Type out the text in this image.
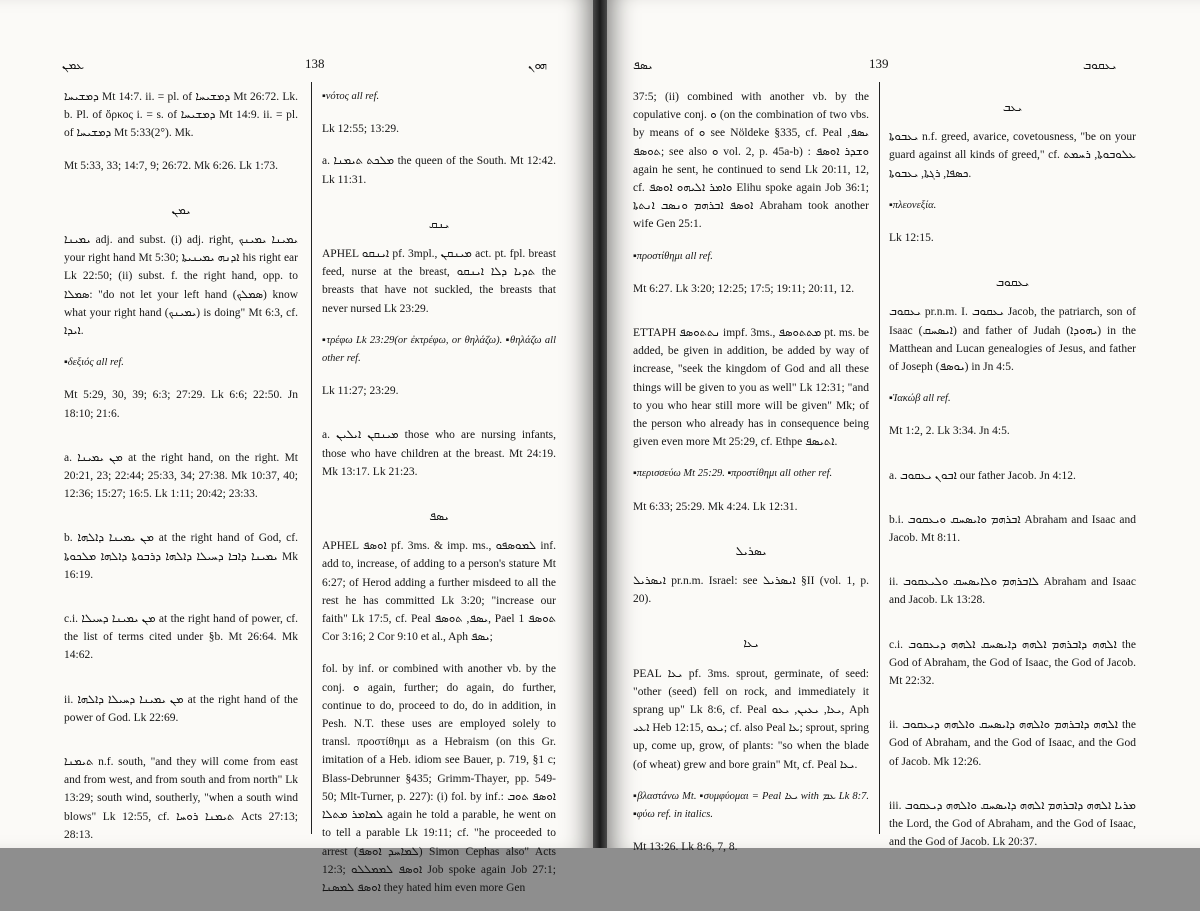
ܥܡܢ	138	ܗܘܢ

ܕܡܫܝܚܐ Mt 14:7. ii. = pl. of ܕܡܫܝܚܐ Mt 26:72. Lk. b. Pl. of ὅρκος i. = s. of ܕܡܫܝܚܐ Mt 14:9. ii. = pl. of ܕܡܫܝܚܐ Mt 5:33(2°). Mk.

Mt 5:33, 33; 14:7, 9; 26:72. Mk 6:26. Lk 1:73.

ܝܡܢ

ܝܡܝܢܐ adj. and subst. (i) adj. right, ܝܡܝܢܐ ܝܡܝܢܟ your right hand Mt 5:30; ܐܕܢܗ ܝܡܝܢܝܬܐ his right ear Lk 22:50; (ii) subst. f. the right hand, opp. to ܣܡܠܐ: "do not let your left hand (ܣܡܠܟ) know what your right hand (ܝܡܝܢܟ) is doing" Mt 6:3, cf. ܐܝܕܐ.

▪δεξιός all ref.

Mt 5:29, 30, 39; 6:3; 27:29. Lk 6:6; 22:50. Jn 18:10; 21:6.

a. ܡܢ ܝܡܝܢܐ at the right hand, on the right. Mt 20:21, 23; 22:44; 25:33, 34; 27:38. Mk 10:37, 40; 12:36; 15:27; 16:5. Lk 1:11; 20:42; 23:33.

b. ܡܢ ܝܡܝܢܐ ܕܐܠܗܐ at the right hand of God, cf. ܝܡܝܢܐ ܕܐܒܐ ܕܚܝܠܐ ܕܐܠܗܐ ܕܪܒܘܬܐ ܕܐܠܗܐ ܡܠܟܘܬܐ Mk 16:19.

c.i. ܡܢ ܝܡܝܢܐ ܕܚܝܠܐ at the right hand of power, cf. the list of terms cited under §b. Mt 26:64. Mk 14:62.

ii. ܡܢ ܝܡܝܢܐ ܕܚܝܠܐ ܕܐܠܗܐ at the right hand of the power of God. Lk 22:69.

ܬܝܡܢܐ n.f. south, "and they will come from east and from west, and from south and from north" Lk 13:29; south wind, southerly, "when a south wind blows" Lk 12:55, cf. ܬܝܡܢܐ ܪܘܚܐ Acts 27:13; 28:13.

▪νότος all ref.

Lk 12:55; 13:29.

a. ܡܠܟܬ ܬܝܡܢܐ the queen of the South. Mt 12:42. Lk 11:31.

ܝܢܩ

APHEL ܐܝܢܩܘ pf. 3mpl., ܡܝܢܩܢ act. pt. fpl. breast feed, nurse at the breast, ܬܕܝܐ ܕܠܐ ܐܝܢܩܘ the breasts that have not suckled, the breasts that never nursed Lk 23:29.

▪τρέφω Lk 23:29(or ἐκτρέφω, or θηλάζω). ▪θηλάζω all other ref.

Lk 11:27; 23:29.

a. ܡܝܢܩܢ ܐܝܠܝܢ those who are nursing infants, those who have children at the breast. Mt 24:19. Mk 13:17. Lk 21:23.

ܝܣܦ

APHEL ܐܘܣܦ pf. 3ms. & imp. ms., ܠܡܘܣܦܘ inf. add to, increase, of adding to a person's stature Mt 6:27; of Herod adding a further misdeed to all the rest he has committed Lk 3:20; "increase our faith" Lk 17:5, cf. Peal ܝܣܦ, ܬܘܣܦ, Pael ܬܘܣܦ 1 Cor 3:16; 2 Cor 9:10 et al., Aph ܝܣܦ;

fol. by inf. or combined with another vb. by the conj. ܘ again, further; do again, do further, continue to do, proceed to do, do in addition, in Pesh. N.T. these uses are employed solely to transl. προστίθημι as a Hebraism (on this Gr. imitation of a Heb. idiom see Bauer, p. 719, §1 c; Blass-Debrunner §435; Grimm-Thayer, pp. 549-50; Mlt-Turner, p. 227): (i) fol. by inf.: ܐܘܣܦ ܬܘܒ ܠܡܐܡܪ ܡܬܠܐ again he told a parable, he went on to tell a parable Lk 19:11; cf. "he proceeded to arrest (ܠܡܐܚܕ ܐܘܣܦ) Simon Cephas also" Acts 12:3; ܐܘܣܦ ܠܡܡܠܠܘ Job spoke again Job 27:1; ܐܘܣܦ ܠܡܣܢܐ they hated him even more Gen

ܝܣܦ	139	ܝܥܩܘܒ

37:5; (ii) combined with another vb. by the copulative conj. ܘ (on the combination of two vbs. by means of ܘ see Nöldeke §335, cf. Peal ܝܣܦ, ܬܘܣܦ; see also ܘ vol. 2, p. 45a-b) : ܘܫܕܪ ܐܘܣܦ again he sent, he continued to send Lk 20:11, 12, cf. ܘܐܡܪ ܐܠܝܗܘ ܐܘܣܦ Elihu spoke again Job 36:1; ܐܘܣܦ ܐܒܪܗܡ ܘܢܣܒ ܐܢܬܬܐ Abraham took another wife Gen 25:1.

▪προστίθημι all ref.

Mt 6:27. Lk 3:20; 12:25; 17:5; 19:11; 20:11, 12.

ETTAPH ܢܬܬܘܣܦ impf. 3ms., ܡܬܬܘܣܦ pt. ms. be added, be given in addition, be added by way of increase, "seek the kingdom of God and all these things will be given to you as well" Lk 12:31; "and to you who hear still more will be given" Mk; of the person who already has in consequence being given even more Mt 25:29, cf. Ethpe ܐܬܝܣܦ.

▪περισσεύω Mt 25:29. ▪προστίθημι all other ref.

Mt 6:33; 25:29. Mk 4:24. Lk 12:31.

ܝܣܪܝܠ

ܐܝܣܪܝܠ pr.n.m. Israel: see ܐܝܣܪܝܠ §II (vol. 1, p. 20).

ܝܥܐ

PEAL ܝܥܐ pf. 3ms. sprout, germinate, of seed: "other (seed) fell on rock, and immediately it sprang up" Lk 8:6, cf. Peal ܝܥܐ, ܝܥܝܢ, ܝܥܘ, Aph ܐܥܝ Heb 12:15, ܝܥܘ; cf. also Peal ܥܐ; sprout, spring up, come up, grow, of plants: "so when the blade (of wheat) grew and bore grain" Mt, cf. Peal ܝܥܐ.

▪βλαστάνω Mt. ▪συμφύομαι = Peal ܝܥܐ with ܥܡ Lk 8:7. ▪φύω ref. in italics.

Mt 13:26. Lk 8:6, 7, 8.

ܝܥܒ

ܝܥܒܘܬܐ n.f. greed, avarice, covetousness, "be on your guard against all kinds of greed," cf. ܥܠܘܒܘܬܐ, ܪܚܡܬ ܟܣܦܐ, ܪܓܬܐ, ܝܥܒܘܬܐ.

▪πλεονεξία.

Lk 12:15.

ܝܥܩܘܒ

ܝܥܩܘܒ pr.n.m. I. ܝܥܩܘܒ Jacob, the patriarch, son of Isaac (ܐܝܣܚܩ) and father of Judah (ܝܗܘܕܐ) in the Matthean and Lucan genealogies of Jesus, and father of Joseph (ܝܘܣܦ) in Jn 4:5.

▪Ἰακώβ all ref.

Mt 1:2, 2. Lk 3:34. Jn 4:5.

a. ܐܒܘܢ ܝܥܩܘܒ our father Jacob. Jn 4:12.

b.i. ܐܒܪܗܡ ܘܐܝܣܚܩ ܘܝܥܩܘܒ Abraham and Isaac and Jacob. Mt 8:11.

ii. ܠܐܒܪܗܡ ܘܠܐܝܣܚܩ ܘܠܝܥܩܘܒ Abraham and Isaac and Jacob. Lk 13:28.

c.i. ܐܠܗܗ ܕܐܒܪܗܡ ܐܠܗܗ ܕܐܝܣܚܩ ܐܠܗܗ ܕܝܥܩܘܒ the God of Abraham, the God of Isaac, the God of Jacob. Mt 22:32.

ii. ܐܠܗܗ ܕܐܒܪܗܡ ܘܐܠܗܗ ܕܐܝܣܚܩ ܘܐܠܗܗ ܕܝܥܩܘܒ the God of Abraham, and the God of Isaac, and the God of Jacob. Mk 12:26.

iii. ܡܪܝܐ ܐܠܗܗ ܕܐܒܪܗܡ ܐܠܗܗ ܕܐܝܣܚܩ ܘܐܠܗܗ ܕܝܥܩܘܒ the Lord, the God of Abraham, and the God of Isaac, and the God of Jacob. Lk 20:37.
